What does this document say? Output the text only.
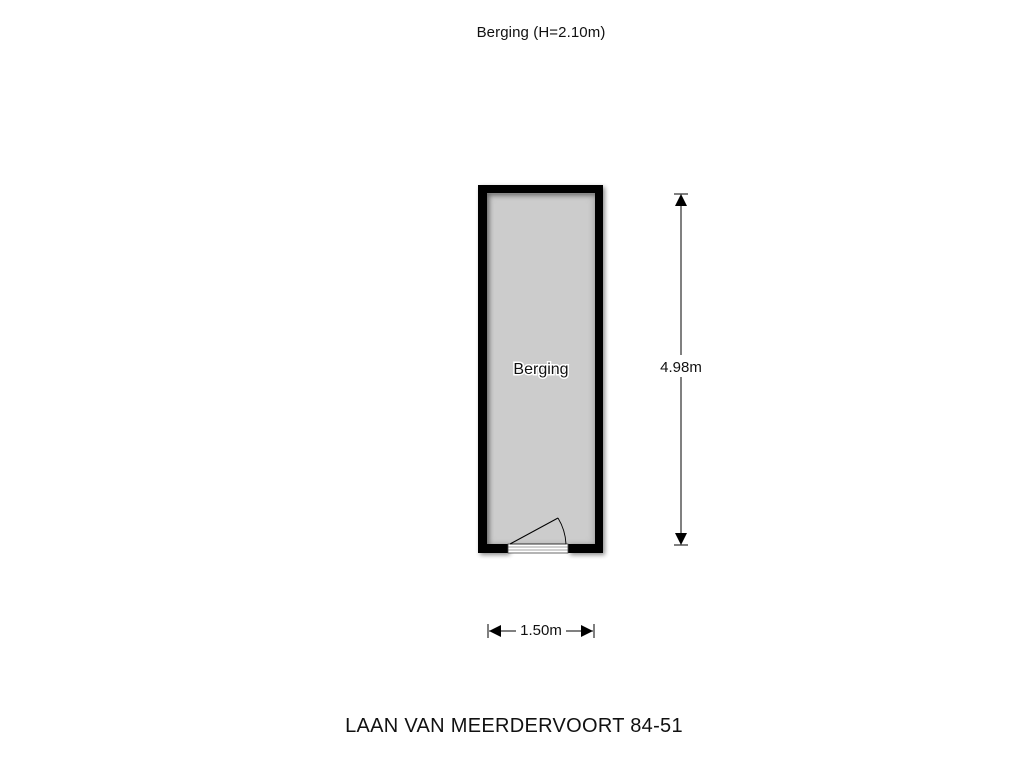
Berging (H=2.10m)
Berging	4.98m
1.50m
LAAN VAN MEERDERVOORT 84-51
